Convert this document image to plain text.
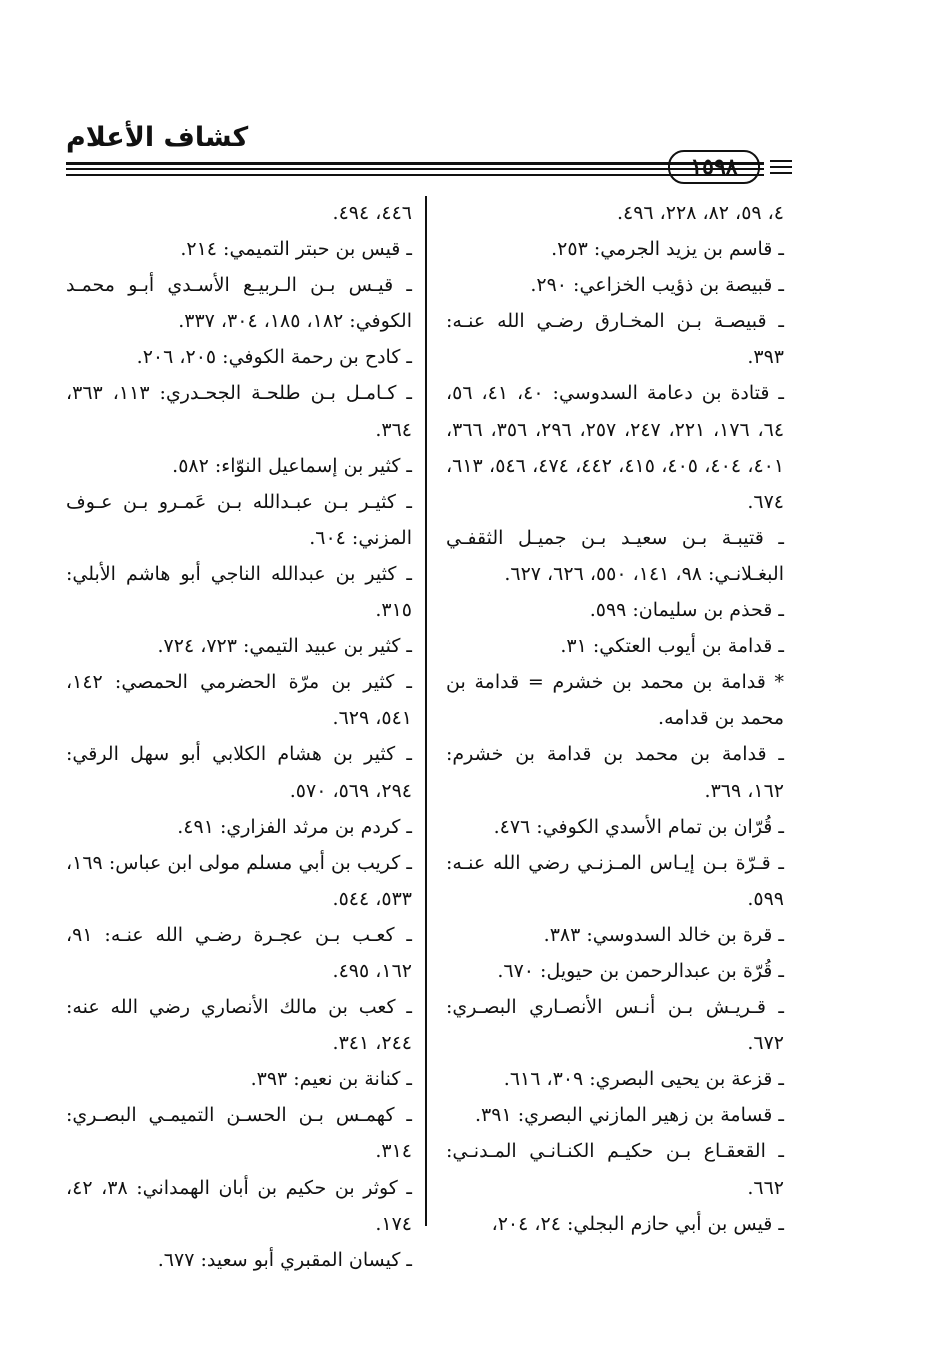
كشاف الأعلام
١٥٩٨

٤، ٥٩، ٨٢، ٢٢٨، ٤٩٦.

ـ قاسم بن يزيد الجرمي: ٢٥٣.

ـ قبيصة بن ذؤيب الخزاعي: ٢٩٠.

ـ قبيصـة بـن المخـارق رضـي الله عنـه: ٣٩٣.

ـ قتادة بن دعامة السدوسي: ٤٠، ٤١، ٥٦، ٦٤، ١٧٦، ٢٢١، ٢٤٧، ٢٥٧، ٢٩٦، ٣٥٦، ٣٦٦، ٤٠١، ٤٠٤، ٤٠٥، ٤١٥، ٤٤٢، ٤٧٤، ٥٤٦، ٦١٣، ٦٧٤.

ـ قتيبـة بـن سعيـد بـن جميـل الثقفـي البغـلانـي: ٩٨، ١٤١، ٥٥٠، ٦٢٦، ٦٢٧.

ـ قحذم بن سليمان: ٥٩٩.

ـ قدامة بن أيوب العتكي: ٣١.

* قدامة بن محمد بن خشرم = قدامة بن محمد بن قدامه.

ـ قدامة بن محمد بن قدامة بن خشرم: ١٦٢، ٣٦٩.

ـ قُرّان بن تمام الأسدي الكوفي: ٤٧٦.

ـ قـرّة بـن إيـاس المـزنـي رضي الله عنـه: ٥٩٩.

ـ قرة بن خالد السدوسي: ٣٨٣.

ـ قُرّة بن عبدالرحمن بن حيويل: ٦٧٠.

ـ قـريـش بـن أنـس الأنصـاري البصـري: ٦٧٢.

ـ قزعة بن يحيى البصري: ٣٠٩، ٦١٦.

ـ قسامة بن زهير المازني البصري: ٣٩١.

ـ القعقـاع بـن حكيـم الكنـانـي المـدنـي: ٦٦٢.

ـ قيس بن أبي حازم البجلي: ٢٤، ٢٠٤،

٤٤٦، ٤٩٤.

ـ قيس بن حبتر التميمي: ٢١٤.

ـ قيـس بـن الـربيـع الأسـدي أبـو محمـد الكوفي: ١٨٢، ١٨٥، ٣٠٤، ٣٣٧.

ـ كادح بن رحمة الكوفي: ٢٠٥، ٢٠٦.

ـ كـامـل بـن طلحـة الجحـدري: ١١٣، ٣٦٣، ٣٦٤.

ـ كثير بن إسماعيل النوّاء: ٥٨٢.

ـ كثيـر بـن عبـدالله بـن عَمـرو بـن عـوف المزني: ٦٠٤.

ـ كثير بن عبدالله الناجي أبو هاشم الأبلي: ٣١٥.

ـ كثير بن عبيد التيمي: ٧٢٣، ٧٢٤.

ـ كثير بن مرّة الحضرمي الحمصي: ١٤٢، ٥٤١، ٦٢٩.

ـ كثير بن هشام الكلابي أبو سهل الرقي: ٢٩٤، ٥٦٩، ٥٧٠.

ـ كردم بن مرثد الفزاري: ٤٩١.

ـ كريب بن أبي مسلم مولى ابن عباس: ١٦٩، ٥٣٣، ٥٤٤.

ـ كعـب بـن عجـرة رضـي الله عنـه: ٩١، ١٦٢، ٤٩٥.

ـ كعب بن مالك الأنصاري رضي الله عنه: ٢٤٤، ٣٤١.

ـ كنانة بن نعيم: ٣٩٣.

ـ كهمـس بـن الحسـن التميمـي البصـري: ٣١٤.

ـ كوثر بن حكيم بن أبان الهمداني: ٣٨، ٤٢، ١٧٤.

ـ كيسان المقبري أبو سعيد: ٦٧٧.
